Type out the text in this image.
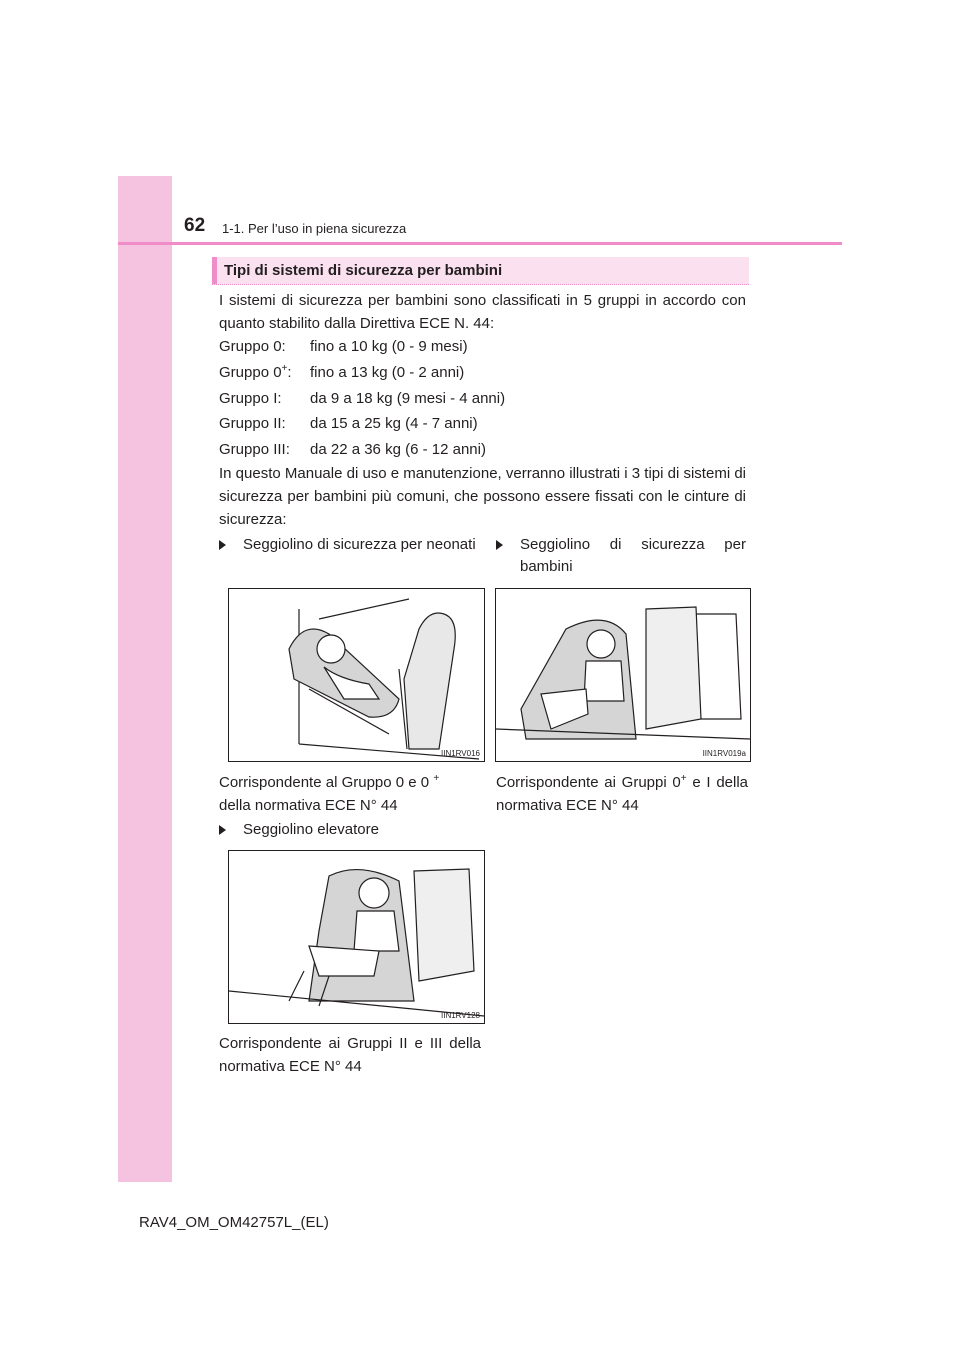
62 1-1. Per l’uso in piena sicurezza
Tipi di sistemi di sicurezza per bambini
I sistemi di sicurezza per bambini sono classificati in 5 gruppi in accordo con quanto stabilito dalla Direttiva ECE N. 44:
Gruppo 0: fino a 10 kg (0 - 9 mesi)
Gruppo 0+: fino a 13 kg (0 - 2 anni)
Gruppo I: da 9 a 18 kg (9 mesi - 4 anni)
Gruppo II: da 15 a 25 kg (4 - 7 anni)
Gruppo III: da 22 a 36 kg (6 - 12 anni)
In questo Manuale di uso e manutenzione, verranno illustrati i 3 tipi di sistemi di sicurezza per bambini più comuni, che possono essere fissati con le cinture di sicurezza:
Seggiolino di sicurezza per neonati
IIN1RV016
Corrispondente al Gruppo 0 e 0 +
della normativa ECE N° 44
Seggiolino di sicurezza per bambini
IIN1RV019a
Corrispondente ai Gruppi 0+ e I della normativa ECE N° 44
Seggiolino elevatore
IIN1RV128
Corrispondente ai Gruppi II e III della normativa ECE N° 44
RAV4_OM_OM42757L_(EL)
